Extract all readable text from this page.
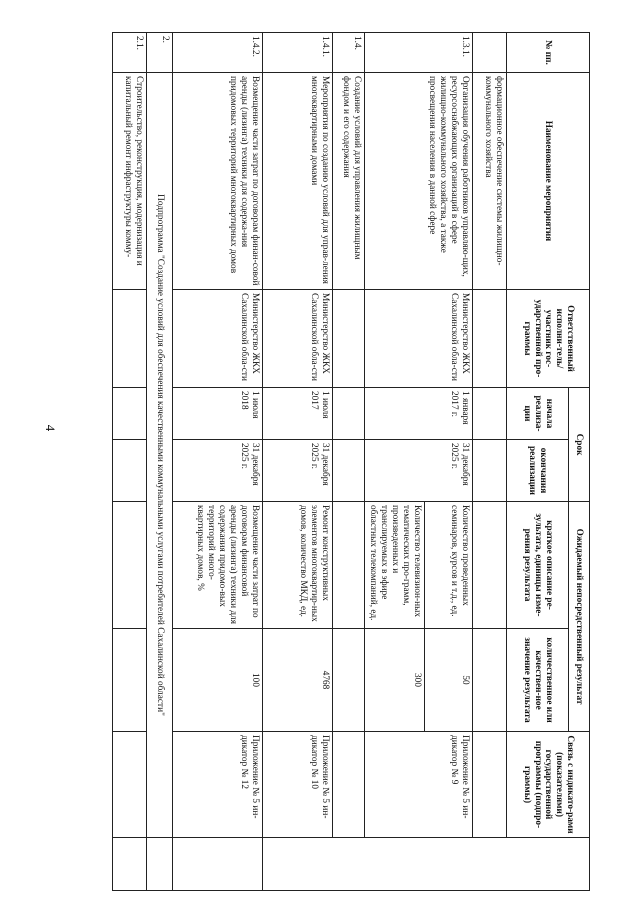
4
№ пп.	Наименование мероприятия	Ответственный исполни-тель/участник гос-ударственной про-граммы	Срок		Ожидаемый непосредственный результат		Связь с индикато-рами (показателями) государственной программы (подпро-граммы)	
			начала реализа-ции	окончания реализации	краткое описание ре-зультата, единицы изме-рения результата	количественное или качествен-ное значение результата		
	формационное обеспечение системы жилищно-коммунального хозяйства							
1.3.1.	Организация обучения работников управляю-щих, ресурсоснабжающих организаций в сфере жилищно-коммунального хозяйства, а также просвещения населения в данной сфере	Министерство ЖКХ Сахалинской обла-сти	1 января 2017 г.	31 декабря 2025 г.	Количество проведенных семинаров, курсов и т.д., ед.	50	Приложение № 5 ин-дикатор № 9	
					Количество телевизион-ных тематических про-грамм, произведенных и транслируемых в эфире областных телекомпаний, ед.	300		
1.4.	Создание условий для управления жилищным фондом и его содержания							
1.4.1.	Мероприятия по созданию условий для управ-ления многоквартирными домами	Министерство ЖКХ Сахалинской обла-сти	1 июля 2017	31 декабря 2025 г.	Ремонт конструктивных элементов многоквартир-ных домов, количество МКД, ед.	4768	Приложение № 5 ин-дикатор № 10	
1.4.2.	Возмещение части затрат по договорам финан-совой аренды (лизинга) техники для содержа-ния придомовых территорий многоквартирных домов	Министерство ЖКХ Сахалинской обла-сти	1 июля 2018	31 декабря 2025 г.	Возмещение части затрат по договорам финансовой аренды (лизинга) техники для содержания придомо-вых территорий много-квартирных домов, %	100	Приложение № 5 ин-дикатор № 12	
2.	Подпрограмма "Создание условий для обеспечения качественными коммунальными услугами потребителей Сахалинской области"							
2.1.	Строительство, реконструкция, модернизация и капитальный ремонт инфраструктуры комму-							
